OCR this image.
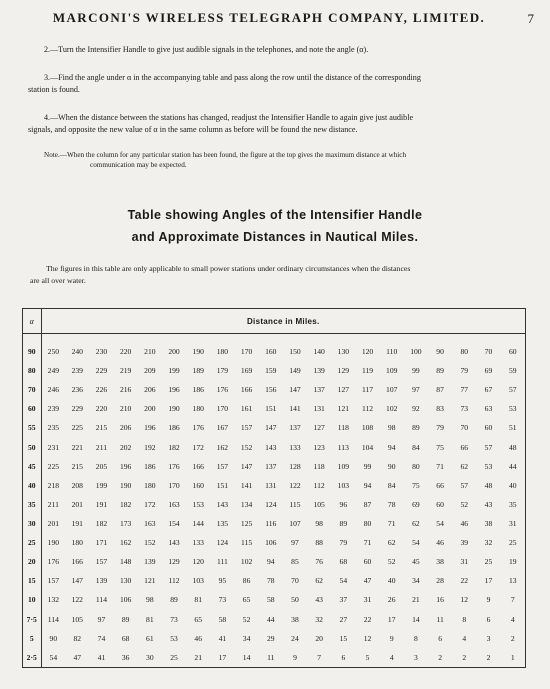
MARCONI'S WIRELESS TELEGRAPH COMPANY, LIMITED.	7
2.—Turn the Intensifier Handle to give just audible signals in the telephones, and note the angle (α).
3.—Find the angle under α in the accompanying table and pass along the row until the distance of the corresponding
station is found.
4.—When the distance between the stations has changed, readjust the Intensifier Handle to again give just audible
signals, and opposite the new value of α in the same column as before will be found the new distance.
Note.—When the column for any particular station has been found, the figure at the top gives the maximum distance at which
communication may be expected.
Table showing Angles of the Intensifier Handle
and Approximate Distances in Nautical Miles.
The figures in this table are only applicable to small power stations under ordinary circumstances when the distances
are all over water.
α	Distance in Miles.																			

90	250	240	230	220	210	200	190	180	170	160	150	140	130	120	110	100	90	80	70	60
80	249	239	229	219	209	199	189	179	169	159	149	139	129	119	109	99	89	79	69	59
70	246	236	226	216	206	196	186	176	166	156	147	137	127	117	107	97	87	77	67	57
60	239	229	220	210	200	190	180	170	161	151	141	131	121	112	102	92	83	73	63	53
55	235	225	215	206	196	186	176	167	157	147	137	127	118	108	98	89	79	70	60	51
50	231	221	211	202	192	182	172	162	152	143	133	123	113	104	94	84	75	66	57	48
45	225	215	205	196	186	176	166	157	147	137	128	118	109	99	90	80	71	62	53	44
40	218	208	199	190	180	170	160	151	141	131	122	112	103	94	84	75	66	57	48	40
35	211	201	191	182	172	163	153	143	134	124	115	105	96	87	78	69	60	52	43	35
30	201	191	182	173	163	154	144	135	125	116	107	98	89	80	71	62	54	46	38	31
25	190	180	171	162	152	143	133	124	115	106	97	88	79	71	62	54	46	39	32	25
20	176	166	157	148	139	129	120	111	102	94	85	76	68	60	52	45	38	31	25	19
15	157	147	139	130	121	112	103	95	86	78	70	62	54	47	40	34	28	22	17	13
10	132	122	114	106	98	89	81	73	65	58	50	43	37	31	26	21	16	12	9	7
7·5	114	105	97	89	81	73	65	58	52	44	38	32	27	22	17	14	11	8	6	4
5	90	82	74	68	61	53	46	41	34	29	24	20	15	12	9	8	6	4	3	2
2·5	54	47	41	36	30	25	21	17	14	11	9	7	6	5	4	3	2	2	2	1
